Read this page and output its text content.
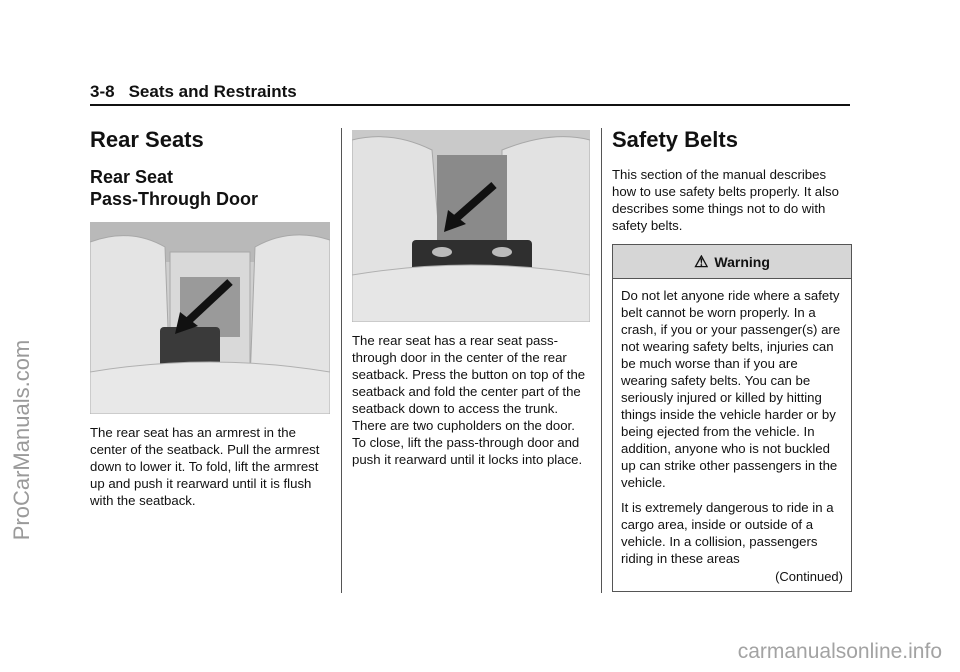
3-8 Seats and Restraints
Rear Seats
Rear Seat
Pass-Through Door

The rear seat has an armrest in the center of the seatback. Pull the armrest down to lower it. To fold, lift the armrest up and push it rearward until it is flush with the seatback.

The rear seat has a rear seat pass-through door in the center of the rear seatback. Press the button on top of the seatback and fold the center part of the seatback down to access the trunk. There are two cupholders on the door. To close, lift the pass-through door and push it rearward until it locks into place.

Safety Belts

This section of the manual describes how to use safety belts properly. It also describes some things not to do with safety belts.

⚠ Warning

Do not let anyone ride where a safety belt cannot be worn properly. In a crash, if you or your passenger(s) are not wearing safety belts, injuries can be much worse than if you are wearing safety belts. You can be seriously injured or killed by hitting things inside the vehicle harder or by being ejected from the vehicle. In addition, anyone who is not buckled up can strike other passengers in the vehicle.

It is extremely dangerous to ride in a cargo area, inside or outside of a vehicle. In a collision, passengers riding in these areas

(Continued)
ProCarManuals.com
carmanualsonline.info
